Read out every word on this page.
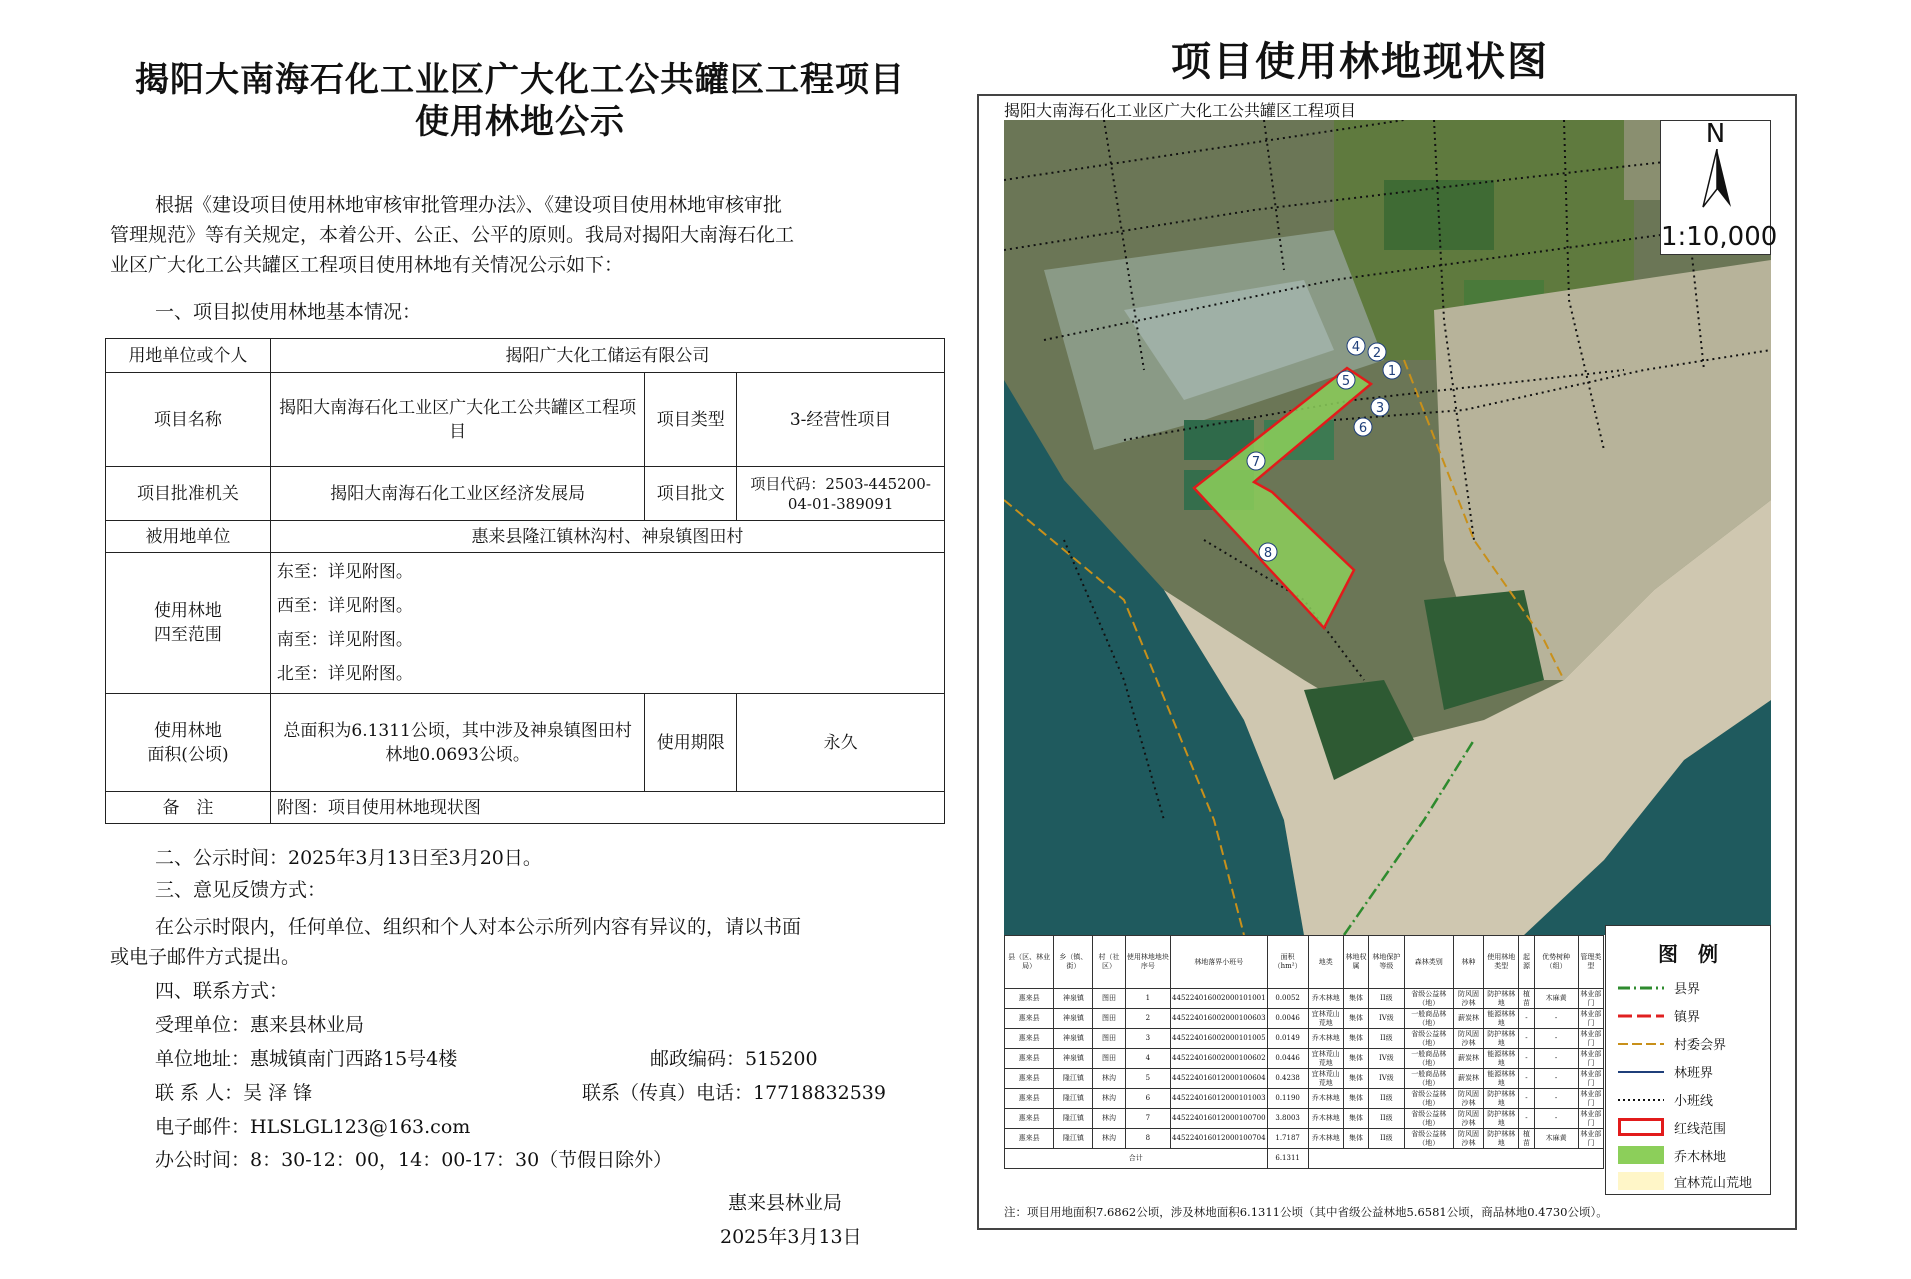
揭阳大南海石化工业区广大化工公共罐区工程项目
使用林地公示
根据《建设项目使用林地审核审批管理办法》、《建设项目使用林地审核审批
管理规范》等有关规定，本着公开、公正、公平的原则。我局对揭阳大南海石化工
业区广大化工公共罐区工程项目使用林地有关情况公示如下：
一、项目拟使用林地基本情况：
用地单位或个人	揭阳广大化工储运有限公司		
项目名称	揭阳大南海石化工业区广大化工公共罐区工程项目	项目类型	3-经营性项目
项目批准机关	揭阳大南海石化工业区经济发展局	项目批文	项目代码：2503-445200-04-01-389091
被用地单位	惠来县隆江镇林沟村、神泉镇图田村		
使用林地四至范围	东至：详见附图。
西至：详见附图。
南至：详见附图。
北至：详见附图。		

使用林地面积(公顷)	总面积为6.1311公顷，其中涉及神泉镇图田村林地0.0693公顷。	使用期限	永久
备　注	附图：项目使用林地现状图		
二、公示时间：2025年3月13日至3月20日。
三、意见反馈方式：
在公示时限内，任何单位、组织和个人对本公示所列内容有异议的，请以书面
或电子邮件方式提出。
四、联系方式：
受理单位：惠来县林业局
单位地址：惠城镇南门西路15号4楼	邮政编码：515200
联 系 人：吴 泽 锋	联系（传真）电话：17718832539
电子邮件：HLSLGL123@163.com
办公时间：8：30-12：00，14：00-17：30（节假日除外）
惠来县林业局
2025年3月13日
项目使用林地现状图
揭阳大南海石化工业区广大化工公共罐区工程项目
1
2
3
4
5
6
7
8
N
1:10,000
县（区、林业局）	乡（镇、街）	村（社区）	使用林地地块序号	林地落界小班号	面积（hm²）	地类	林地权属	林地保护等级	森林类别	林种	使用林地类型	起源	优势树种（组）	管理类型
惠来县	神泉镇	图田	1	445224016002000101001	0.0052	乔木林地	集体	II级	省级公益林（地）	防风固沙林	防护林林地	植苗	木麻黄	林业部门
惠来县	神泉镇	图田	2	445224016002000100603	0.0046	宜林荒山荒地	集体	IV级	一般商品林（地）	薪炭林	能源林林地	-	-	林业部门
惠来县	神泉镇	图田	3	445224016002000101005	0.0149	乔木林地	集体	II级	省级公益林（地）	防风固沙林	防护林林地	-	-	林业部门
惠来县	神泉镇	图田	4	445224016002000100602	0.0446	宜林荒山荒地	集体	IV级	一般商品林（地）	薪炭林	能源林林地	-	-	林业部门
惠来县	隆江镇	林沟	5	445224016012000100604	0.4238	宜林荒山荒地	集体	IV级	一般商品林（地）	薪炭林	能源林林地	-	-	林业部门
惠来县	隆江镇	林沟	6	445224016012000101003	0.1190	乔木林地	集体	II级	省级公益林（地）	防风固沙林	防护林林地	-	-	林业部门
惠来县	隆江镇	林沟	7	445224016012000100700	3.8003	乔木林地	集体	II级	省级公益林（地）	防风固沙林	防护林林地	-	-	林业部门
惠来县	隆江镇	林沟	8	445224016012000100704	1.7187	乔木林地	集体	II级	省级公益林（地）	防风固沙林	防护林林地	植苗	木麻黄	林业部门
合计					6.1311									
图　例
县界
镇界
村委会界
林班界
小班线
红线范围
乔木林地
宜林荒山荒地
注：项目用地面积7.6862公顷，涉及林地面积6.1311公顷（其中省级公益林地5.6581公顷，商品林地0.4730公顷）。
